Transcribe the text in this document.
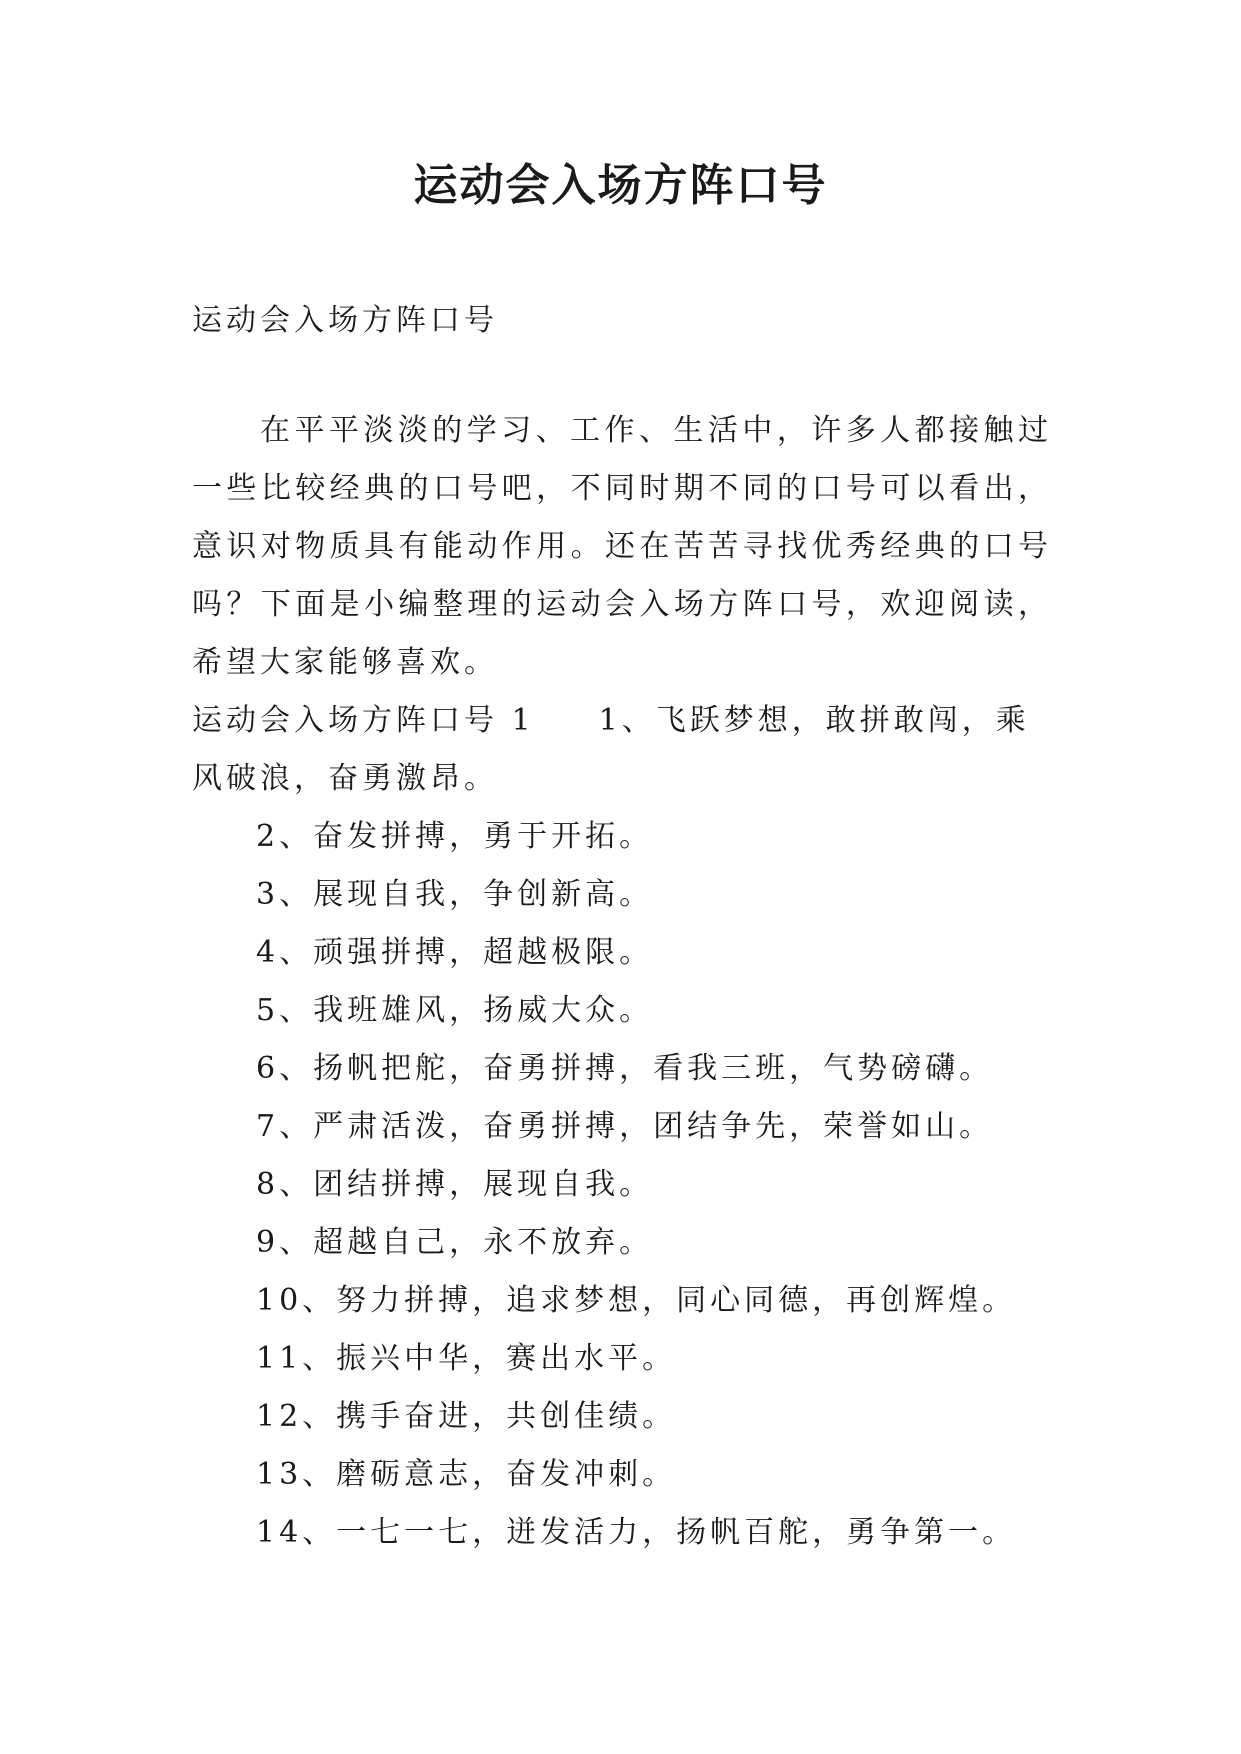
运动会入场方阵口号

运动会入场方阵口号

在平平淡淡的学习、工作、生活中，许多人都接触过一些比较经典的口号吧，不同时期不同的口号可以看出，意识对物质具有能动作用。还在苦苦寻找优秀经典的口号吗？下面是小编整理的运动会入场方阵口号，欢迎阅读，希望大家能够喜欢。

运动会入场方阵口号 1 1、飞跃梦想，敢拼敢闯，乘风破浪，奋勇激昂。

2、奋发拼搏，勇于开拓。
3、展现自我，争创新高。
4、顽强拼搏，超越极限。
5、我班雄风，扬威大众。
6、扬帆把舵，奋勇拼搏，看我三班，气势磅礴。
7、严肃活泼，奋勇拼搏，团结争先，荣誉如山。
8、团结拼搏，展现自我。
9、超越自己，永不放弃。
10、努力拼搏，追求梦想，同心同德，再创辉煌。
11、振兴中华，赛出水平。
12、携手奋进，共创佳绩。
13、磨砺意志，奋发冲刺。
14、一七一七，迸发活力，扬帆百舵，勇争第一。
